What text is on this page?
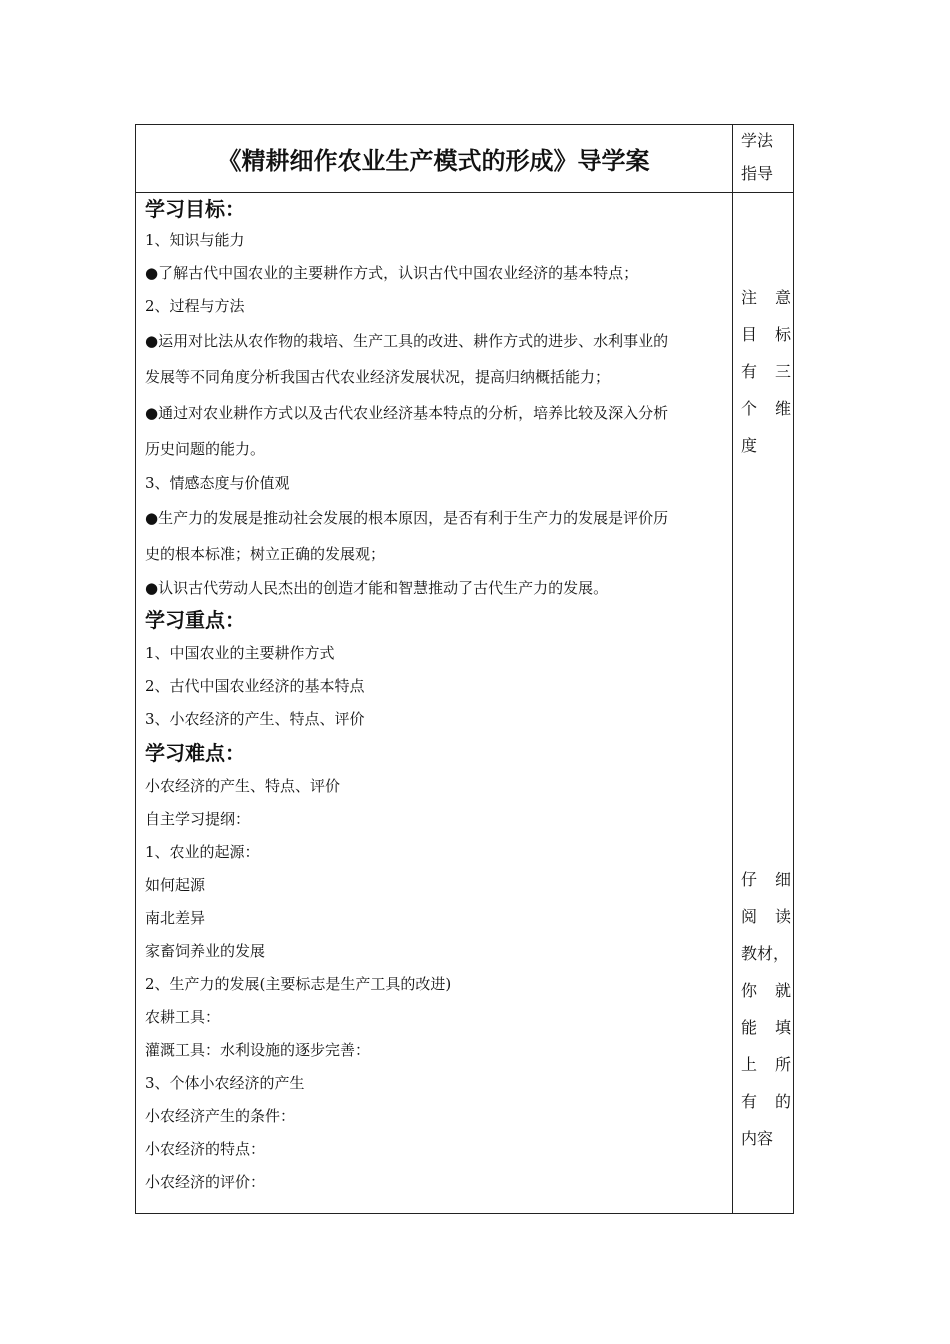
《精耕细作农业生产模式的形成》导学案
学法
指导
学习目标：
1、知识与能力
●了解古代中国农业的主要耕作方式，认识古代中国农业经济的基本特点；
2、过程与方法
●运用对比法从农作物的栽培、生产工具的改进、耕作方式的进步、水利事业的
发展等不同角度分析我国古代农业经济发展状况，提高归纳概括能力；
●通过对农业耕作方式以及古代农业经济基本特点的分析，培养比较及深入分析
历史问题的能力。
3、情感态度与价值观
●生产力的发展是推动社会发展的根本原因，是否有利于生产力的发展是评价历
史的根本标准；树立正确的发展观；
●认识古代劳动人民杰出的创造才能和智慧推动了古代生产力的发展。
学习重点：
1、中国农业的主要耕作方式
2、古代中国农业经济的基本特点
3、小农经济的产生、特点、评价
学习难点：
小农经济的产生、特点、评价
自主学习提纲：
1、农业的起源：
如何起源
南北差异
家畜饲养业的发展
2、生产力的发展(主要标志是生产工具的改进)
农耕工具：
灌溉工具：水利设施的逐步完善：
3、个体小农经济的产生
小农经济产生的条件：
小农经济的特点：
小农经济的评价：
注 意
目 标
有 三
个 维
度
仔 细
阅 读
教材，
你 就
能 填
上 所
有 的
内容
